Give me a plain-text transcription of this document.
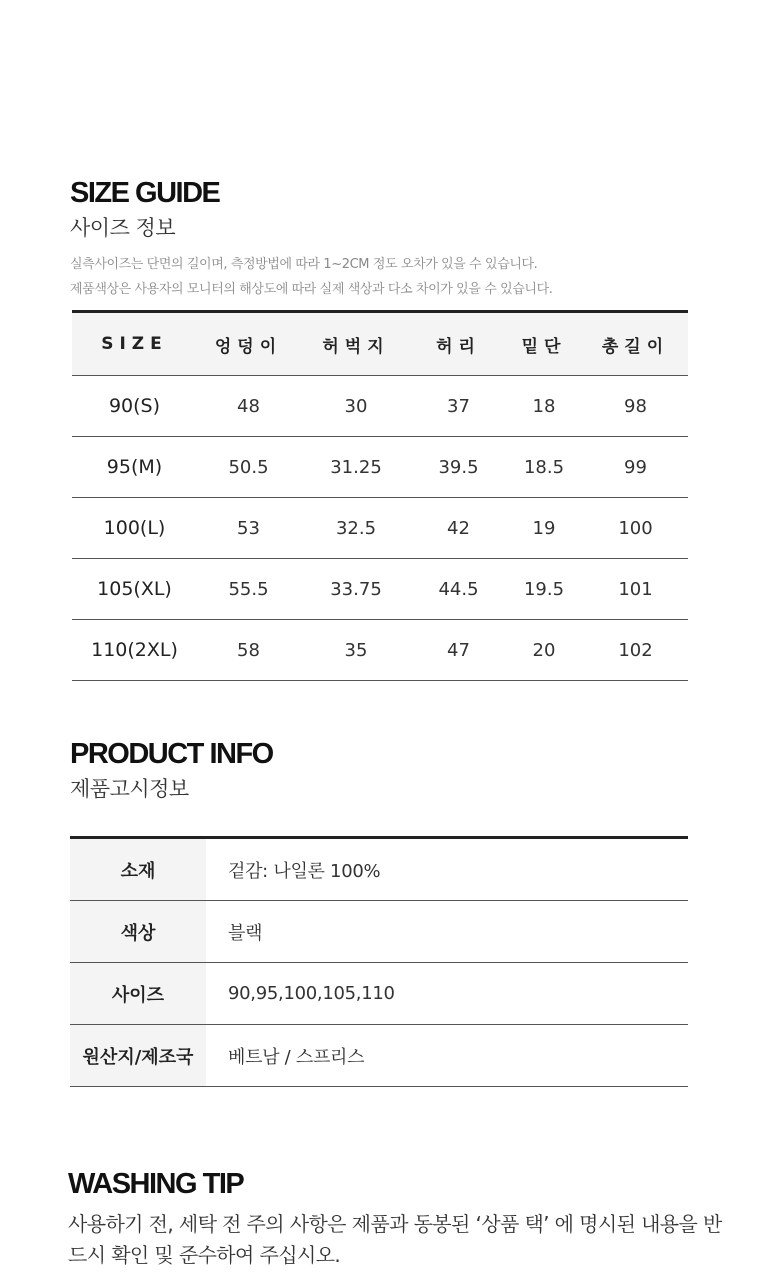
SIZE GUIDE
사이즈 정보
실측사이즈는 단면의 길이며, 측정방법에 따라 1~2CM 정도 오차가 있을 수 있습니다.
제품색상은 사용자의 모니터의 해상도에 따라 실제 색상과 다소 차이가 있을 수 있습니다.
SIZE	엉덩이	허벅지	허리	밑단	총길이
90(S)	48	30	37	18	98
95(M)	50.5	31.25	39.5	18.5	99
100(L)	53	32.5	42	19	100
105(XL)	55.5	33.75	44.5	19.5	101
110(2XL)	58	35	47	20	102
PRODUCT INFO
제품고시정보
소재	겉감: 나일론 100%
색상	블랙
사이즈	90,95,100,105,110
원산지/제조국	베트남 / 스프리스
WASHING TIP
사용하기 전, 세탁 전 주의 사항은 제품과 동봉된 ‘상품 택’ 에 명시된 내용을 반드시 확인 및 준수하여 주십시오.
